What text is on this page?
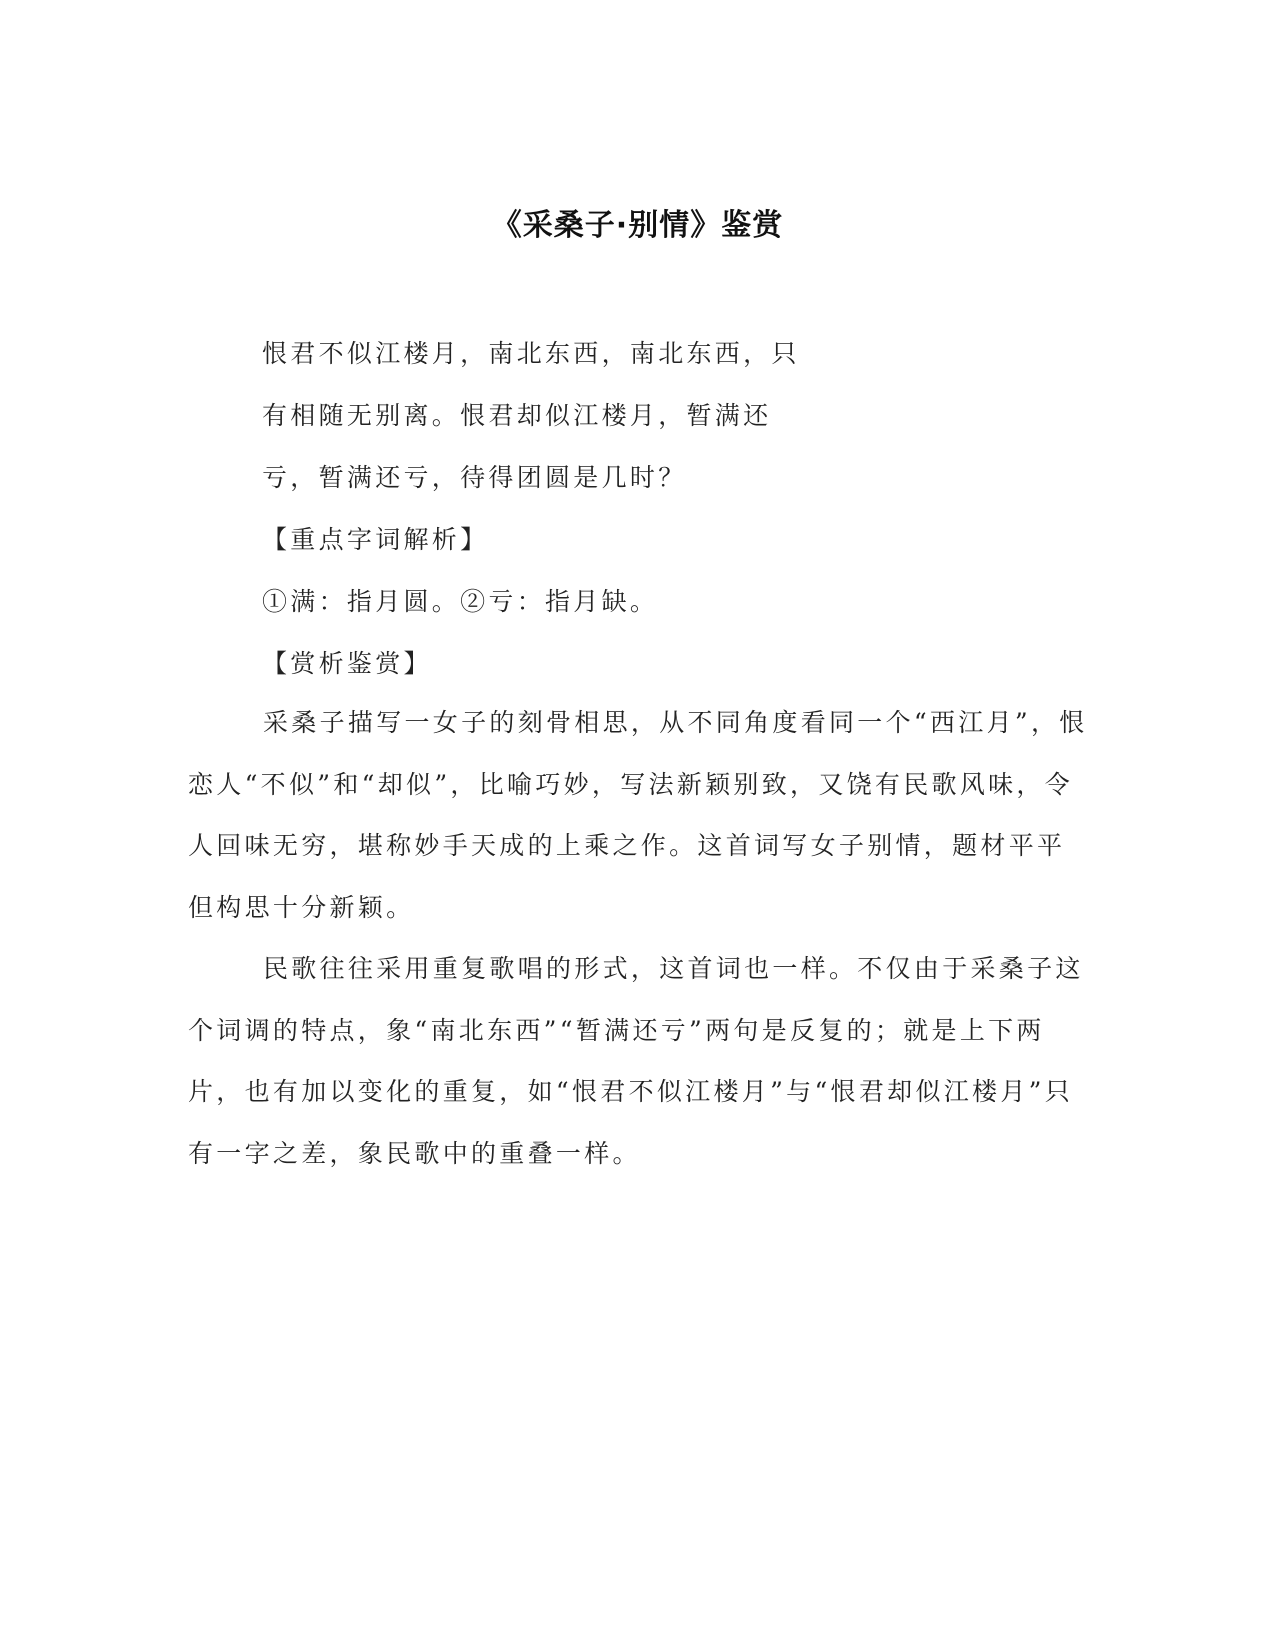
《采桑子·别情》鉴赏
恨君不似江楼月，南北东西，南北东西，只
有相随无别离。恨君却似江楼月，暂满还
亏，暂满还亏，待得团圆是几时？
【重点字词解析】
①满：指月圆。②亏：指月缺。
【赏析鉴赏】

采桑子描写一女子的刻骨相思，从不同角度看同一个“西江月”，恨恋人“不似”和“却似”，比喻巧妙，写法新颖别致，又饶有民歌风味，令人回味无穷，堪称妙手天成的上乘之作。这首词写女子别情，题材平平但构思十分新颖。

民歌往往采用重复歌唱的形式，这首词也一样。不仅由于采桑子这个词调的特点，象“南北东西”“暂满还亏”两句是反复的；就是上下两片，也有加以变化的重复，如“恨君不似江楼月”与“恨君却似江楼月”只有一字之差，象民歌中的重叠一样。
